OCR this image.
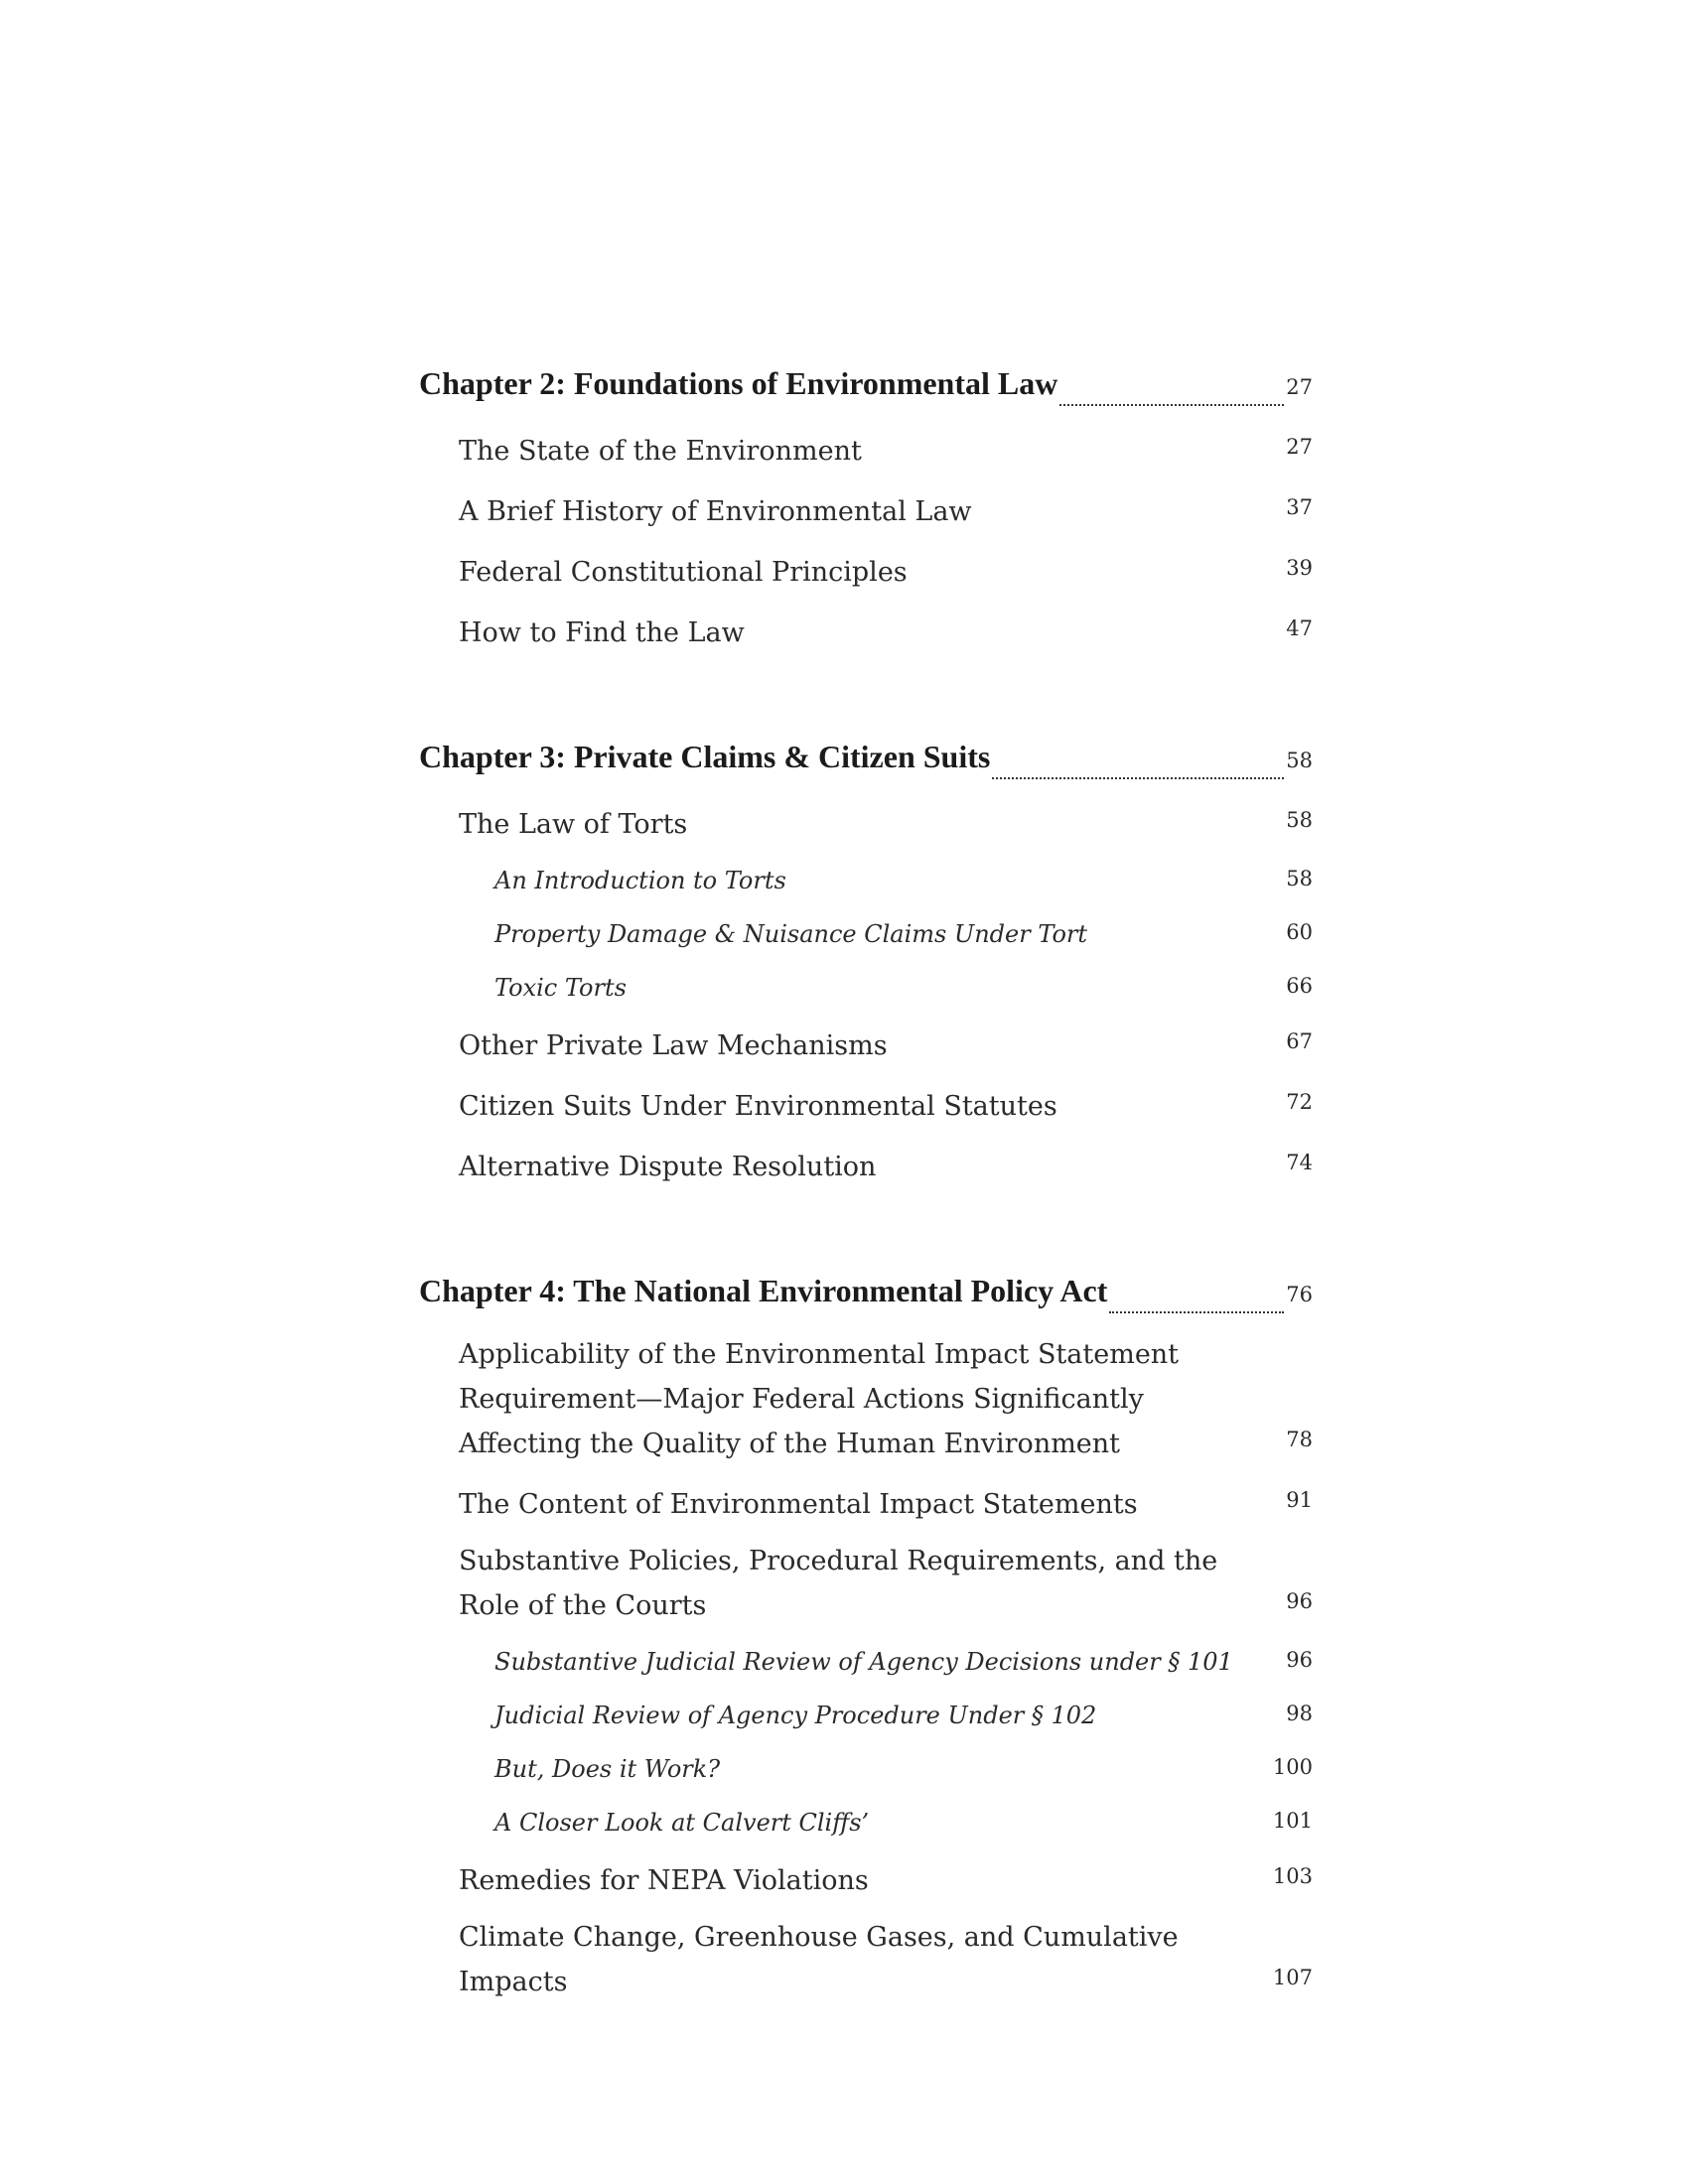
Chapter 2: Foundations of Environmental Law	27
The State of the Environment	27
A Brief History of Environmental Law	37
Federal Constitutional Principles	39
How to Find the Law	47
Chapter 3: Private Claims & Citizen Suits	58
The Law of Torts	58
An Introduction to Torts	58
Property Damage & Nuisance Claims Under Tort	60
Toxic Torts	66
Other Private Law Mechanisms	67
Citizen Suits Under Environmental Statutes	72
Alternative Dispute Resolution	74
Chapter 4: The National Environmental Policy Act	76
Applicability of the Environmental Impact Statement Requirement—Major Federal Actions Significantly Affecting the Quality of the Human Environment	78
The Content of Environmental Impact Statements	91
Substantive Policies, Procedural Requirements, and the Role of the Courts	96
Substantive Judicial Review of Agency Decisions under § 101	96
Judicial Review of Agency Procedure Under § 102	98
But, Does it Work?	100
A Closer Look at Calvert Cliffs’	101
Remedies for NEPA Violations	103
Climate Change, Greenhouse Gases, and Cumulative Impacts	107
